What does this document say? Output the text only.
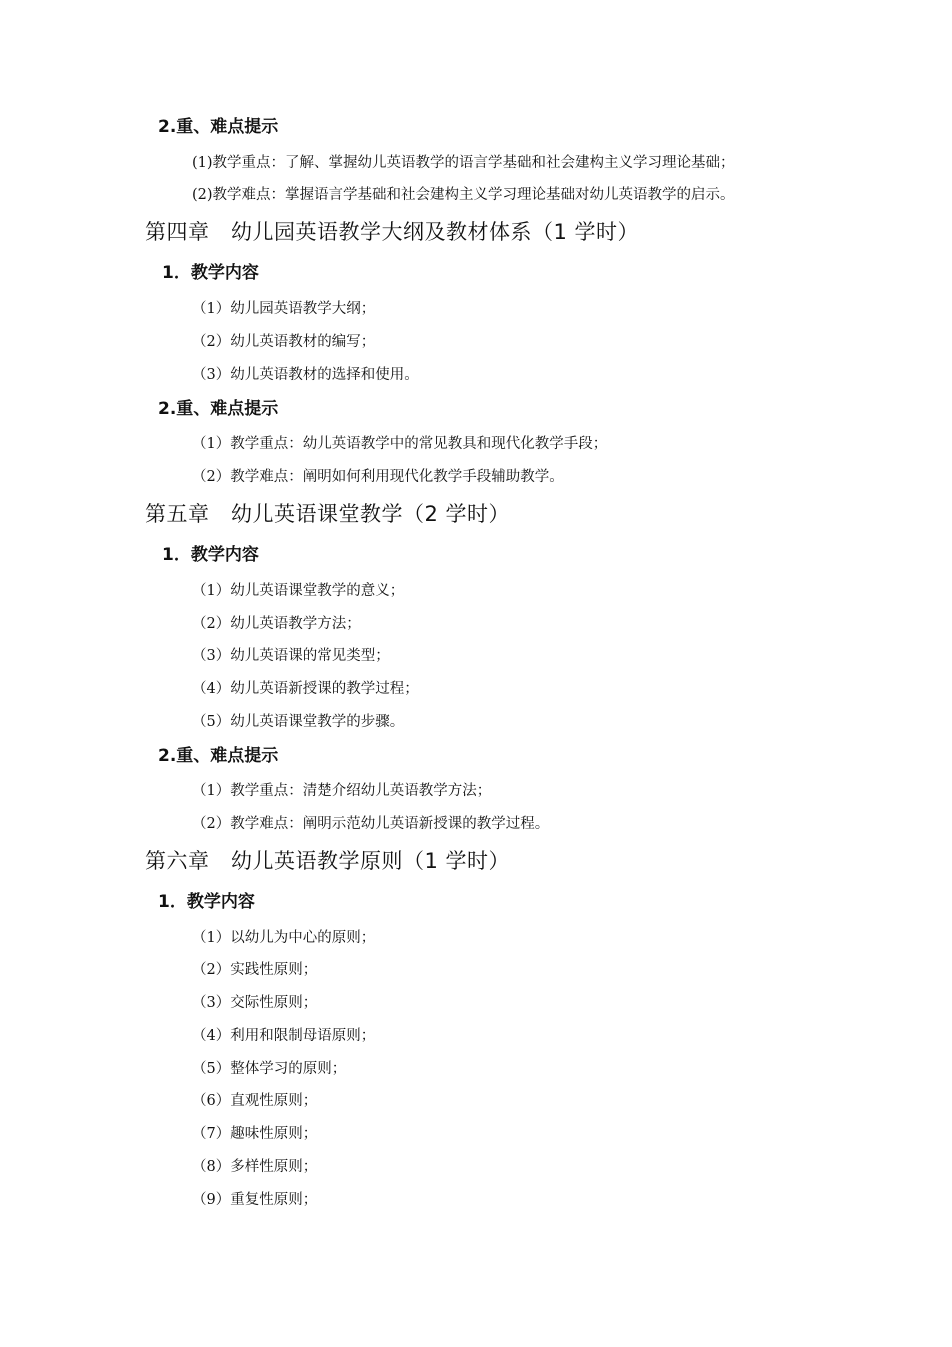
2.重、难点提示
(1)教学重点：了解、掌握幼儿英语教学的语言学基础和社会建构主义学习理论基础；
(2)教学难点：掌握语言学基础和社会建构主义学习理论基础对幼儿英语教学的启示。
第四章　幼儿园英语教学大纲及教材体系（1 学时）
1．教学内容
（1）幼儿园英语教学大纲；
（2）幼儿英语教材的编写；
（3）幼儿英语教材的选择和使用。
2.重、难点提示
（1）教学重点：幼儿英语教学中的常见教具和现代化教学手段；
（2）教学难点：阐明如何利用现代化教学手段辅助教学。
第五章　幼儿英语课堂教学（2 学时）
1．教学内容
（1）幼儿英语课堂教学的意义；
（2）幼儿英语教学方法；
（3）幼儿英语课的常见类型；
（4）幼儿英语新授课的教学过程；
（5）幼儿英语课堂教学的步骤。
2.重、难点提示
（1）教学重点：清楚介绍幼儿英语教学方法；
（2）教学难点：阐明示范幼儿英语新授课的教学过程。
第六章　幼儿英语教学原则（1 学时）
1．教学内容
（1）以幼儿为中心的原则；
（2）实践性原则；
（3）交际性原则；
（4）利用和限制母语原则；
（5）整体学习的原则；
（6）直观性原则；
（7）趣味性原则；
（8）多样性原则；
（9）重复性原则；
